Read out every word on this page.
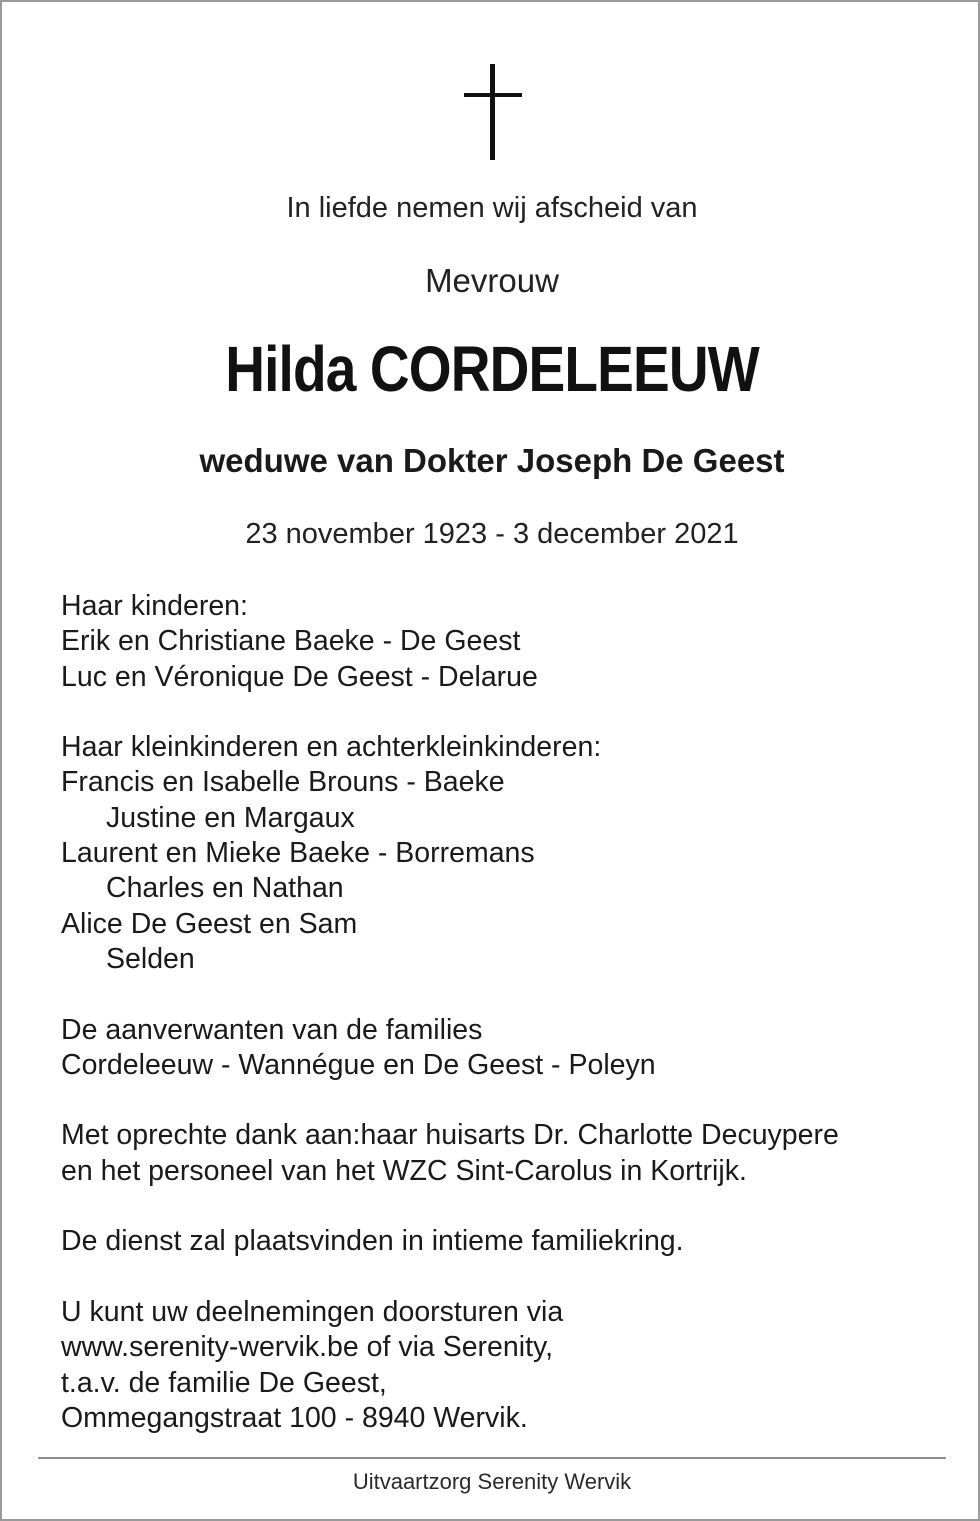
In liefde nemen wij afscheid van
Mevrouw
Hilda CORDELEEUW
weduwe van Dokter Joseph De Geest
23 november 1923 - 3 december 2021
Haar kinderen:
Erik en Christiane Baeke - De Geest
Luc en Véronique De Geest - Delarue
Haar kleinkinderen en achterkleinkinderen:
Francis en Isabelle Brouns - Baeke
Justine en Margaux
Laurent en Mieke Baeke - Borremans
Charles en Nathan
Alice De Geest en Sam
Selden
De aanverwanten van de families
Cordeleeuw - Wannégue en De Geest - Poleyn
Met oprechte dank aan:haar huisarts Dr. Charlotte Decuypere
en het personeel van het WZC Sint-Carolus in Kortrijk.
De dienst zal plaatsvinden in intieme familiekring.
U kunt uw deelnemingen doorsturen via
www.serenity-wervik.be of via Serenity,
t.a.v. de familie De Geest,
Ommegangstraat 100 - 8940 Wervik.
Uitvaartzorg Serenity Wervik
